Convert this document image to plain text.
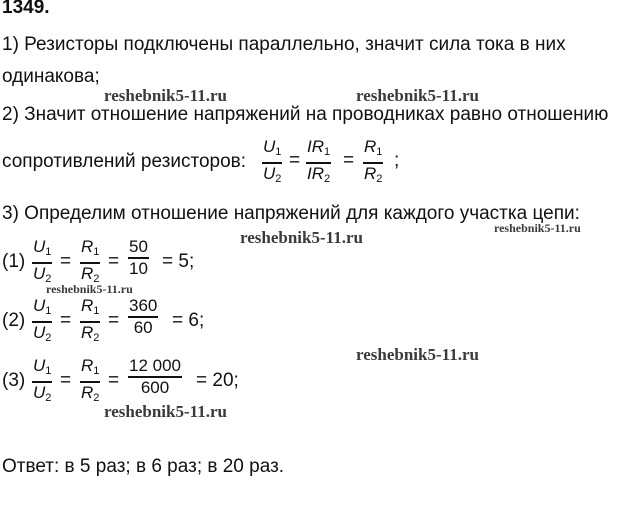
1349.
1) Резисторы подключены параллельно, значит сила тока в них
одинакова;
2) Значит отношение напряжений на проводниках равно отношению
сопротивлений резисторов:
3) Определим отношение напряжений для каждого участка цепи:
Ответ: в 5 раз; в 6 раз; в 20 раз.
$U_1$
$U_2$
=
$IR_1$
$IR_2$
=
$R_1$
$R_2$
;
(1)
$U_1$
$U_2$
=
$R_1$
$R_2$
=
50
10 = 5;
(2)
$U_1$
$U_2$
=
$R_1$
$R_2$
=
360
60 = 6;
(3)
$U_1$
$U_2$
=
$R_1$
$R_2$
=
12 000
600 = 20;
reshebnik5-11.ru	reshebnik5-11.ru
reshebnik5-11.ru	reshebnik5-11.ru
reshebnik5-11.ru
reshebnik5-11.ru
reshebnik5-11.ru
